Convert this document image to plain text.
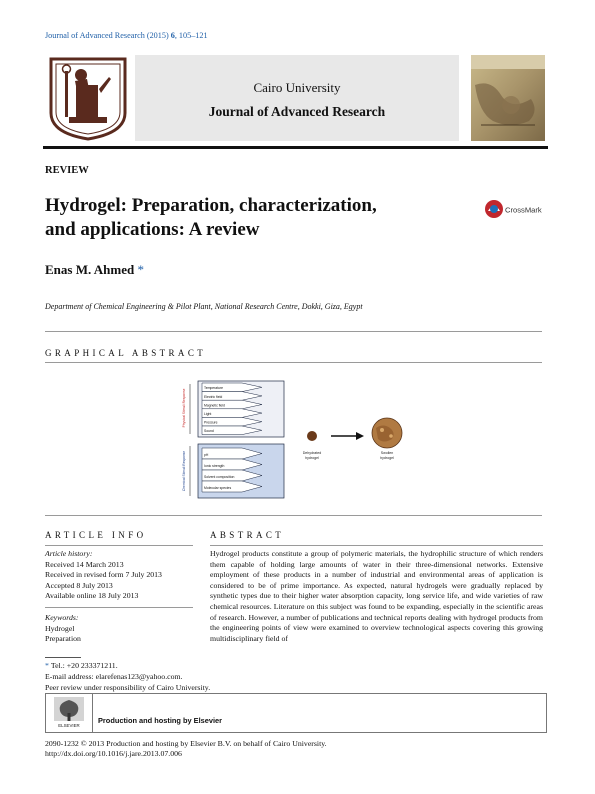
Journal of Advanced Research (2015) 6, 105–121
Cairo University
Journal of Advanced Research
REVIEW
Hydrogel: Preparation, characterization,
and applications: A review
CrossMark
Enas M. Ahmed *
Department of Chemical Engineering & Pilot Plant, National Research Centre, Dokki, Giza, Egypt
GRAPHICAL ABSTRACT
Physical Stimuli Response
Chemical Stimuli Response
Temperature
Electric field
Magnetic field
Light
Pressure
Sound
pH
Ionic strength
Solvent composition
Molecular species
Dehydrated
hydrogel
Swollen
hydrogel
ARTICLE INFO
Article history:
Received 14 March 2013
Received in revised form 7 July 2013
Accepted 8 July 2013
Available online 18 July 2013
Keywords:
Hydrogel
Preparation
ABSTRACT
Hydrogel products constitute a group of polymeric materials, the hydrophilic structure of which renders them capable of holding large amounts of water in their three-dimensional networks. Extensive employment of these products in a number of industrial and environmental areas of application is considered to be of prime importance. As expected, natural hydrogels were gradually replaced by synthetic types due to their higher water absorption capacity, long service life, and wide varieties of raw chemical resources. Literature on this subject was found to be expanding, especially in the scientific areas of research. However, a number of publications and technical reports dealing with hydrogel products from the engineering points of view were examined to overview technological aspects covering this growing multidisciplinary field of
* Tel.: +20 233371211.
E-mail address: elarefenas123@yahoo.com.
Peer review under responsibility of Cairo University.
ELSEVIER
Production and hosting by Elsevier
2090-1232 © 2013 Production and hosting by Elsevier B.V. on behalf of Cairo University.
http://dx.doi.org/10.1016/j.jare.2013.07.006
